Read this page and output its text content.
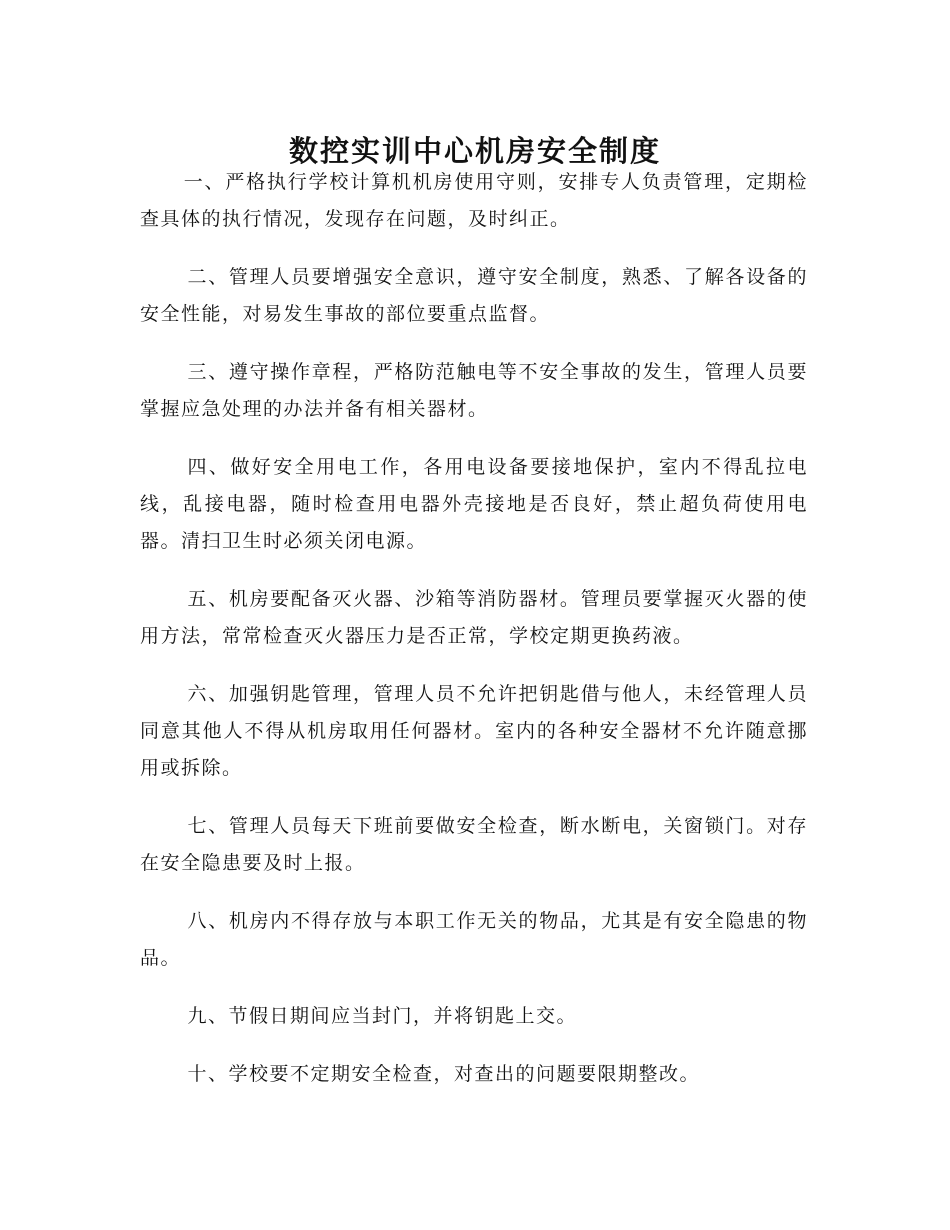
数控实训中心机房安全制度

一、严格执行学校计算机机房使用守则，安排专人负责管理，定期检查具体的执行情况，发现存在问题，及时纠正。

二、管理人员要增强安全意识，遵守安全制度，熟悉、了解各设备的安全性能，对易发生事故的部位要重点监督。

三、遵守操作章程，严格防范触电等不安全事故的发生，管理人员要掌握应急处理的办法并备有相关器材。

四、做好安全用电工作，各用电设备要接地保护，室内不得乱拉电线，乱接电器，随时检查用电器外壳接地是否良好，禁止超负荷使用电器。清扫卫生时必须关闭电源。

五、机房要配备灭火器、沙箱等消防器材。管理员要掌握灭火器的使用方法，常常检查灭火器压力是否正常，学校定期更换药液。

六、加强钥匙管理，管理人员不允许把钥匙借与他人，未经管理人员同意其他人不得从机房取用任何器材。室内的各种安全器材不允许随意挪用或拆除。

七、管理人员每天下班前要做安全检查，断水断电，关窗锁门。对存在安全隐患要及时上报。

八、机房内不得存放与本职工作无关的物品，尤其是有安全隐患的物品。

九、节假日期间应当封门，并将钥匙上交。

十、学校要不定期安全检查，对查出的问题要限期整改。
